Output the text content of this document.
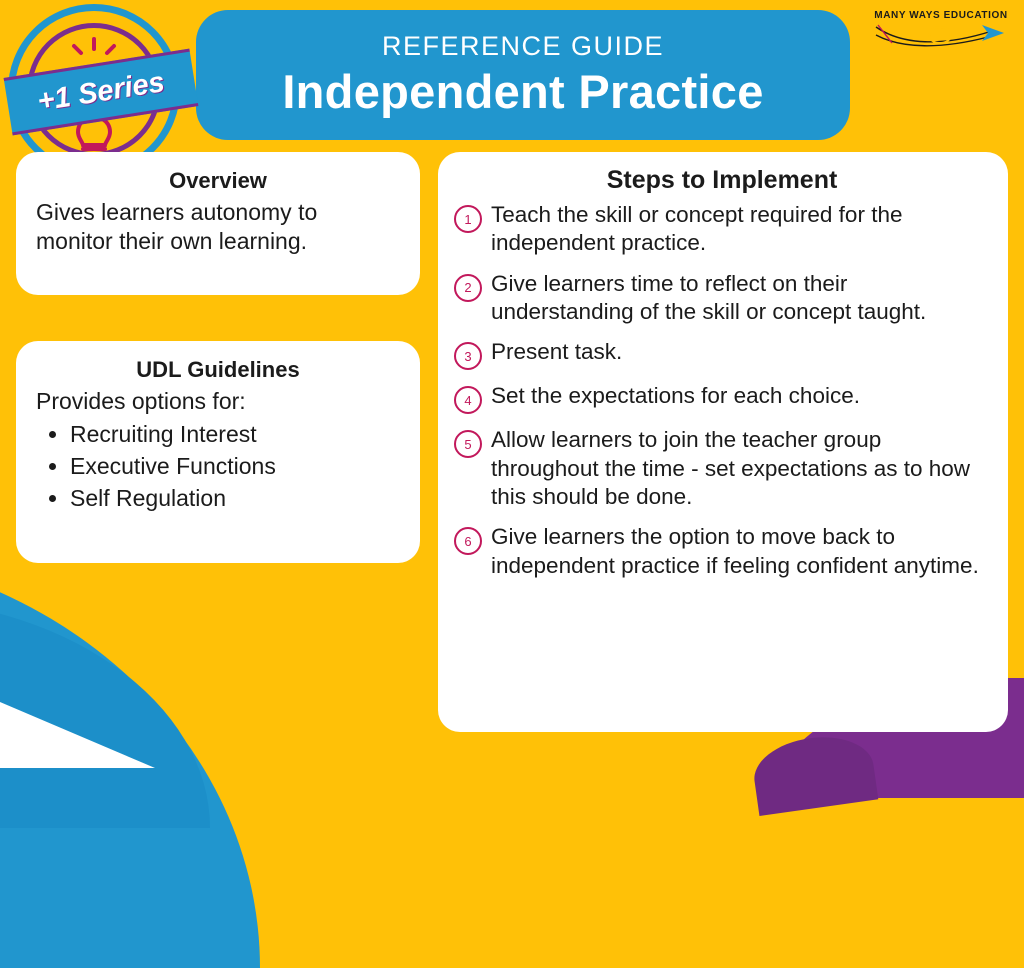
+1 Series
REFERENCE GUIDE
Independent Practice
MANY WAYS EDUCATION
Overview

Gives learners autonomy to monitor their own learning.

UDL Guidelines

Provides options for:

• Recruiting Interest
• Executive Functions
• Self Regulation
Steps to Implement
1 Teach the skill or concept required for the independent practice.
2 Give learners time to reflect on their understanding of the skill or concept taught.
3 Present task.
4 Set the expectations for each choice.
5 Allow learners to join the teacher group throughout the time - set expectations as to how this should be done.
6 Give learners the option to move back to independent practice if feeling confident anytime.
